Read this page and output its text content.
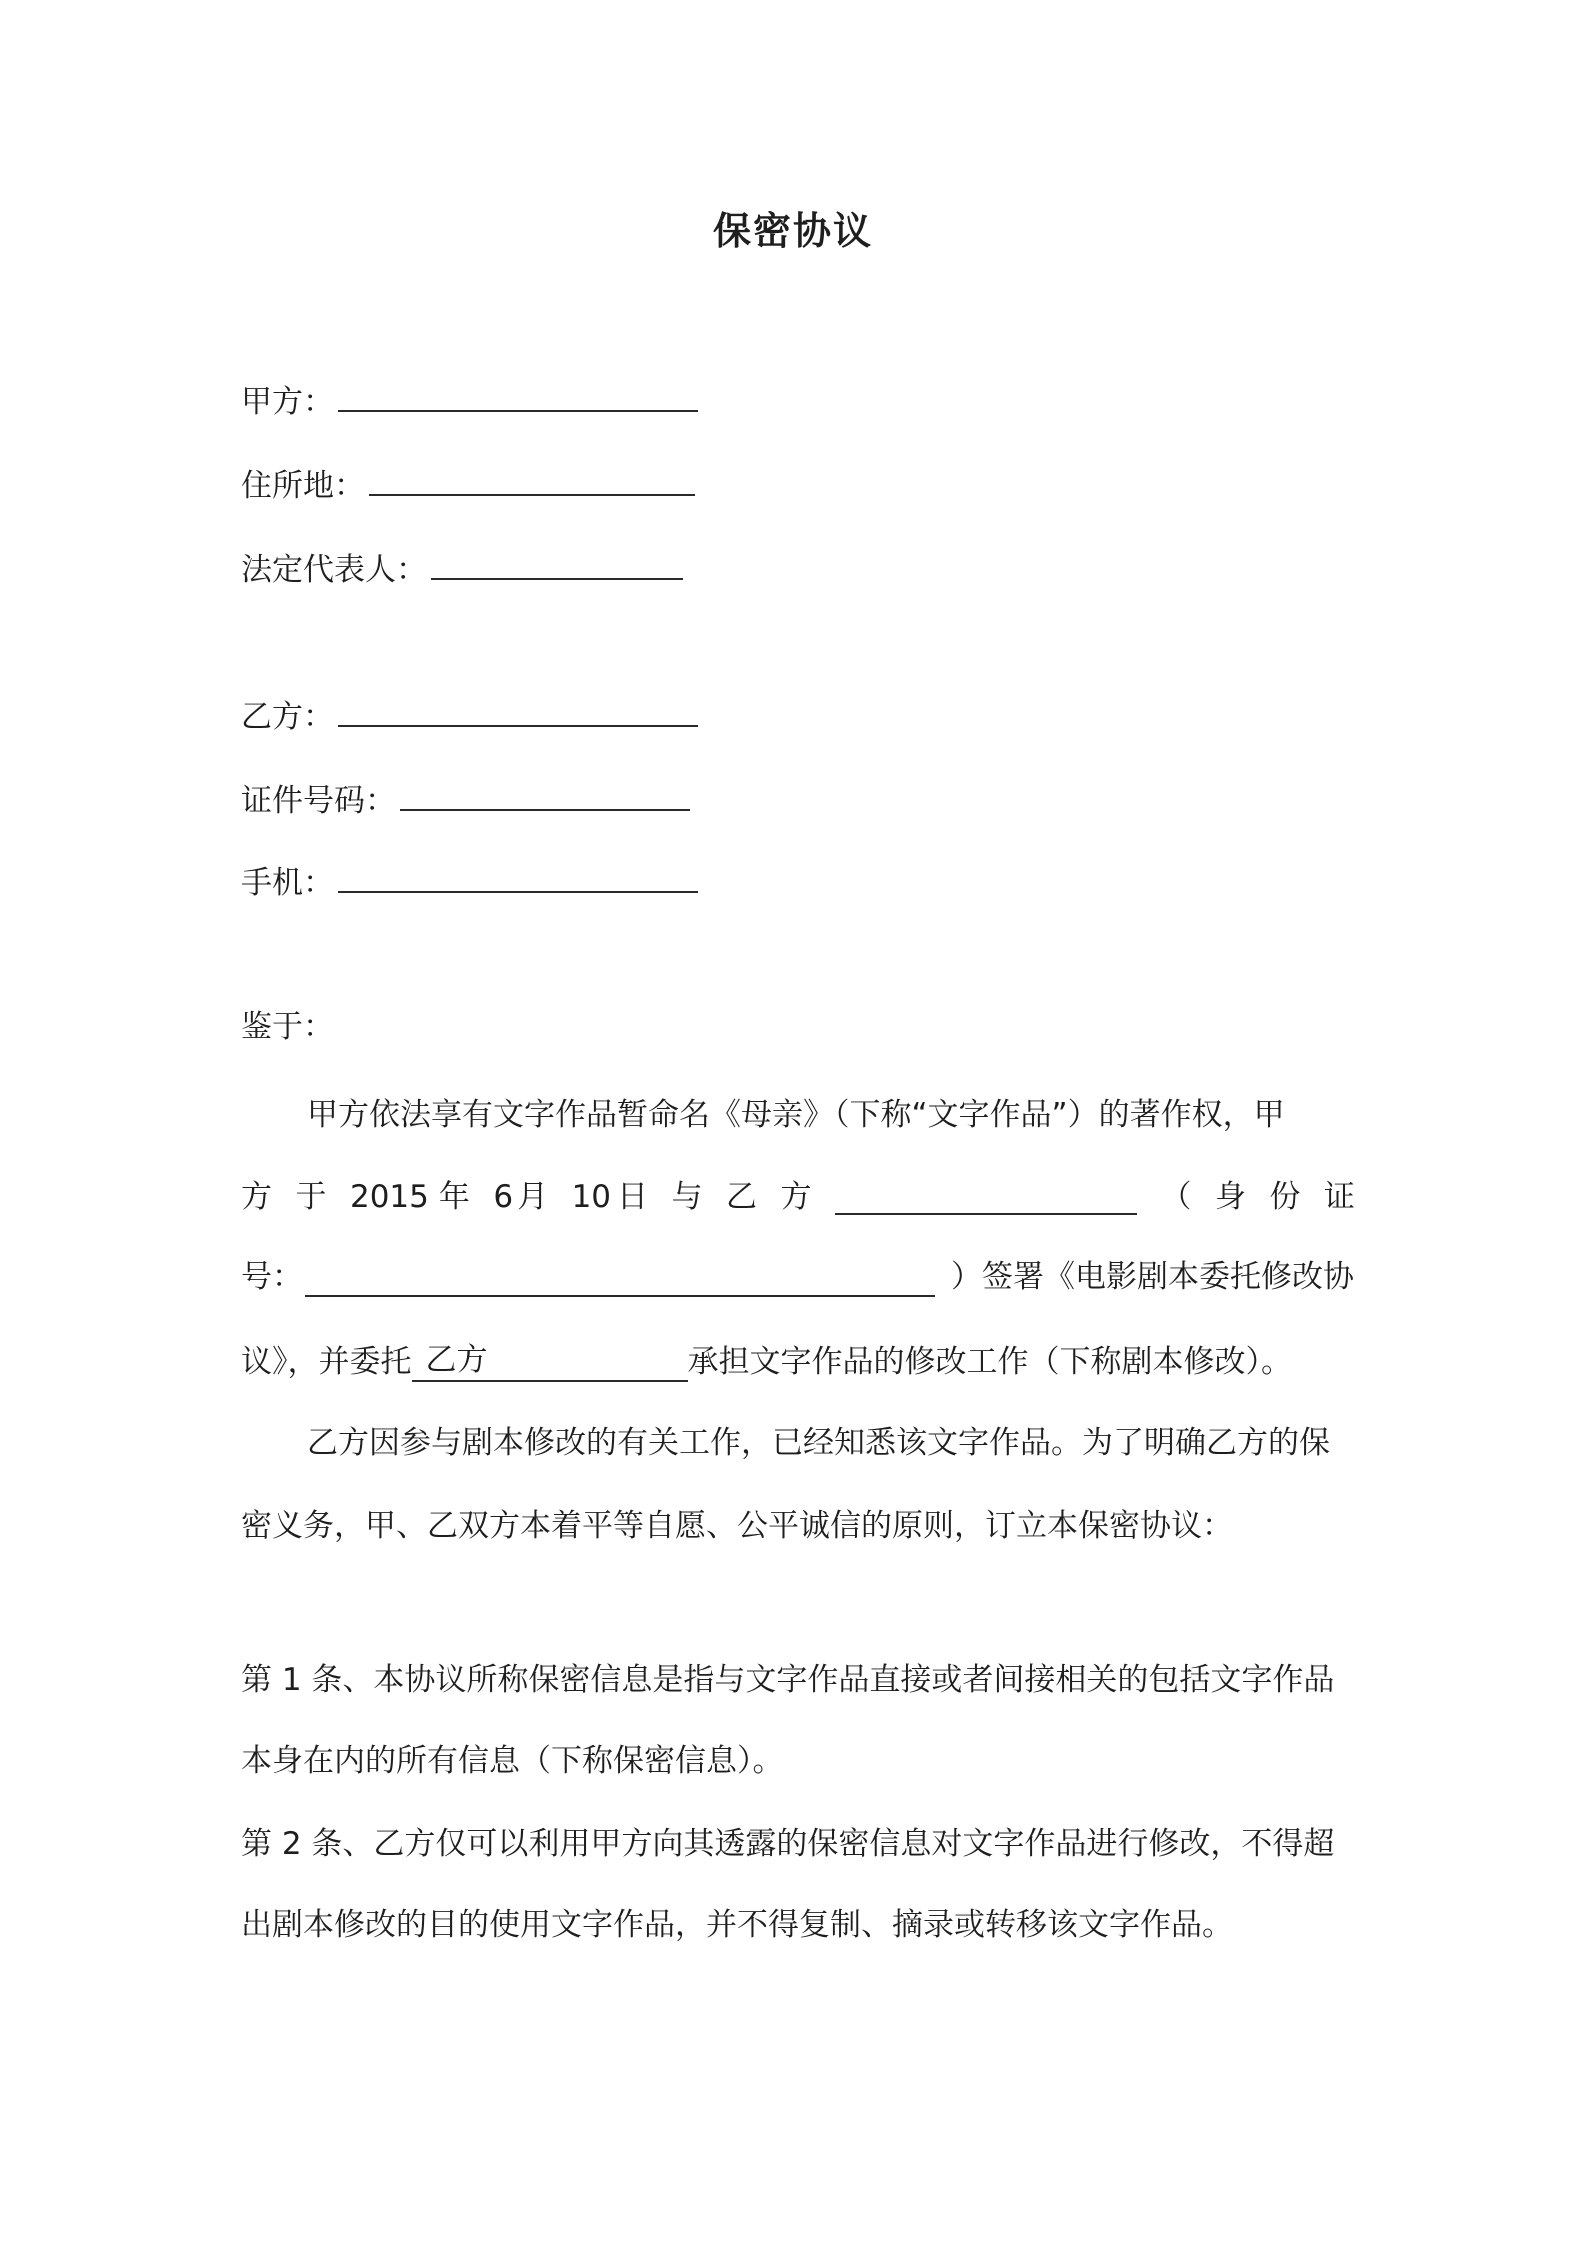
保密协议
甲方：
住所地：
法定代表人：
乙方：
证件号码：
手机：
鉴于：
甲方依法享有文字作品暂命名《母亲》（下称“文字作品”）的著作权，甲
方 于 2015 年 6 月 10 日 与 乙 方	（ 身 份 证
号：	）签署《电影剧本委托修改协
议》，并委托 乙方	承担文字作品的修改工作（下称剧本修改）。
乙方因参与剧本修改的有关工作，已经知悉该文字作品。为了明确乙方的保
密义务，甲、乙双方本着平等自愿、公平诚信的原则，订立本保密协议：
第 1 条、本协议所称保密信息是指与文字作品直接或者间接相关的包括文字作品
本身在内的所有信息（下称保密信息）。
第 2 条、乙方仅可以利用甲方向其透露的保密信息对文字作品进行修改，不得超
出剧本修改的目的使用文字作品，并不得复制、摘录或转移该文字作品。
